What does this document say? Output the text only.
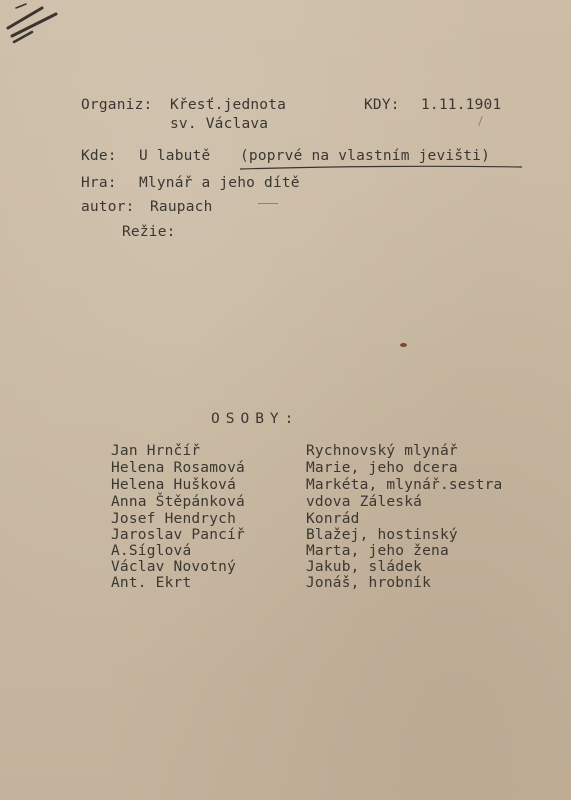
Organiz: Křesť.jednota
sv. Václava
KDY: 1.11.1901
Kde: U labutě (poprvé na vlastním jevišti)
Hra: Mlynář a jeho dítě
autor: Raupach
Režie:
OSOBY:
Jan Hrnčíř	Rychnovský mlynář
Helena Rosamová	Marie, jeho dcera
Helena Hušková	Markéta, mlynář.sestra
Anna Štěpánková	vdova Záleská
Josef Hendrych	Konrád
Jaroslav Pancíř	Blažej, hostinský
A.Síglová	Marta, jeho žena
Václav Novotný	Jakub, sládek
Ant. Ekrt	Jonáš, hrobník
